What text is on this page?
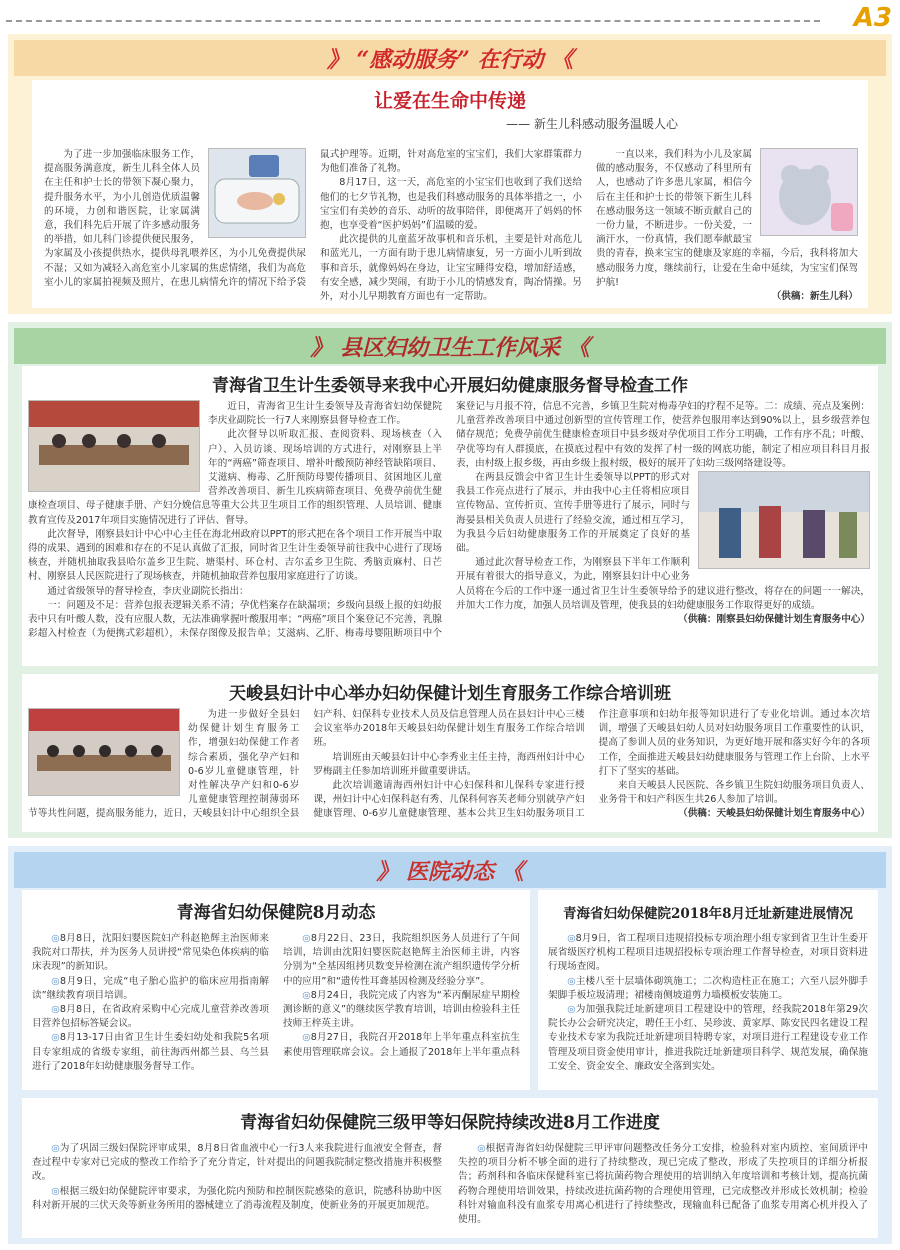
A3
》 “感动服务” 在行动 《
让爱在生命中传递
—— 新生儿科感动服务温暖人心

为了进一步加强临床服务工作，提高服务满意度，新生儿科全体人员在主任和护士长的带领下凝心聚力，提升服务水平，为小儿创造优质温馨的环境，力创和谐医院，让家属满意，我们科先后开展了许多感动服务的举措，如儿科门诊提供便民服务，为家属及小孩提供热水，提供母乳喂养区，为小儿免费提供尿不湿；又如为减轻入高危室小儿家属的焦虑情绪，我们为高危室小儿的家属拍视频及照片，在患儿病情允许的情况下给予袋鼠式护理等。近期，针对高危室的宝宝们，我们大家群策群力为他们准备了礼物。

8月17日，这一天，高危室的小宝宝们也收到了我们送给他们的七夕节礼物，也是我们科感动服务的具体举措之一，小宝宝们有美妙的音乐、动听的故事陪伴，即便离开了妈妈的怀抱，也享受着“医护妈妈”们温暖的爱。

此次提供的儿童蓝牙故事机和音乐机，主要是针对高危儿和蓝光儿，一方面有助于患儿病情康复，另一方面小儿听到故事和音乐，就像妈妈在身边，让宝宝睡得安稳，增加舒适感，有安全感，减少哭闹，有助于小儿的情感发育，陶冶情操。另外，对小儿早期教育方面也有一定帮助。

一直以来，我们科为小儿及家属做的感动服务，不仅感动了科里所有人，也感动了许多患儿家属，相信今后在主任和护士长的带领下新生儿科在感动服务这一领域不断贡献自己的一份力量，不断进步。一份关爱，一滴汗水，一份真情，我们愿奉献最宝贵的青春，换来宝宝的健康及家庭的幸福，今后，我科将加大感动服务力度，继续前行，让爱在生命中延续，为宝宝们保驾护航!

（供稿：新生儿科）
》 县区妇幼卫生工作风采 《
青海省卫生计生委领导来我中心开展妇幼健康服务督导检查工作

近日，青海省卫生计生委领导及青海省妇幼保健院李庆业副院长一行7人来刚察县督导检查工作。

此次督导以听取汇报、查阅资料、现场核查（入户）、入员访谈、现场培训的方式进行，对刚察县上半年的“两癌”筛查项目、增补叶酸预防神经管缺陷项目、艾滋病、梅毒、乙肝预防母婴传播项目、贫困地区儿童营养改善项目、新生儿疾病筛查项目、免费孕前优生健康检查项目、母子健康手册、产妇分娩信息等重大公共卫生项目工作的组织管理、人员培训、健康教育宣传及2017年项目实施情况进行了评估、督导。

此次督导，刚察县妇计中心中心主任在海北州政府以PPT的形式把在各个项目工作开展当中取得的成果、遇到的困难和存在的不足认真做了汇报，同时省卫生计生委领导前往我中心进行了现场核查，并随机抽取我县哈尔盖乡卫生院、塘渠村、环仓村、吉尔孟乡卫生院、秀脑贡麻村、日芒村、刚察县人民医院进行了现场核查，并随机抽取营养包服用家庭进行了访谈。

通过省级领导的督导检查，李庆业副院长指出：

一：问题及不足：营养包报表逻辑关系不清；孕优档案存在缺漏项；乡级向县级上报的妇幼报表中只有叶酸人数，没有应服人数，无法准确掌握叶酸服用率；“两癌”项目个案登记不完善，乳腺彩超入村检查（为便携式彩超机），未保存图像及报告单；艾滋病、乙肝、梅毒母婴阻断项目中个案登记与月报不符，信息不完善，乡镇卫生院对梅毒孕妇的疗程不足等。二：成绩、亮点及案例：儿童营养改善项目中通过创新型的宣传管理工作，使营养包服用率达到90%以上，县乡级营养包储存规范；免费孕前优生健康检查项目中县乡级对孕优项目工作分工明确，工作有序不乱；叶酸、孕优等均有人群摸底，在摸底过程中有效的发挥了村一级的网底功能，制定了相应项目科目月报表，由村级上报乡级，再由乡级上报村级，极好的展开了妇幼三级网络建设等。

在两县反馈会中省卫生计生委领导以PPT的形式对我县工作亮点进行了展示，并由我中心主任将相应项目宣传物品、宣传折页、宣传手册等进行了展示，同时与海晏县相关负责人员进行了经验交流，通过相互学习，为我县今后妇幼健康服务工作的开展奠定了良好的基础。

通过此次督导检查工作，为刚察县下半年工作顺利开展有着很大的指导意义，为此，刚察县妇计中心业务人员将在今后的工作中逐一通过省卫生计生委领导给予的建议进行整改，将存在的问题一一解决，并加大工作力度，加强人员培训及管理，使我县的妇幼健康服务工作取得更好的成绩。

（供稿：刚察县妇幼保健计划生育服务中心）
天峻县妇计中心举办妇幼保健计划生育服务工作综合培训班

为进一步做好全县妇幼保健计划生育服务工作，增强妇幼保健工作者综合素质，强化孕产妇和0-6岁儿童健康管理，针对性解决孕产妇和0-6岁儿童健康管理控制薄弱环节等共性问题，提高服务能力，近日，天峻县妇计中心组织全县妇产科、妇保科专业技术人员及信息管理人员在县妇计中心三楼会议室举办2018年天峻县妇幼保健计划生育服务工作综合培训班。

培训班由天峻县妇计中心李秀业主任主持，海西州妇计中心罗梅副主任参加培训班并做重要讲话。

此次培训邀请海西州妇计中心妇保科和儿保科专家进行授课，州妇计中心妇保科赵有秀、儿保科何容芙老师分别就孕产妇健康管理、0-6岁儿童健康管理、基本公共卫生妇幼服务项目工作注意事项和妇幼年报等知识进行了专业化培训。通过本次培训，增强了天峻县妇幼人员对妇幼服务项目工作重要性的认识，提高了参训人员的业务知识，为更好地开展和落实好今年的各项工作，全面推进天峻县妇幼健康服务与管理工作上台阶、上水平打下了坚实的基础。

来自天峻县人民医院、各乡镇卫生院妇幼服务项目负责人、业务骨干和妇产科医生共26人参加了培训。

（供稿：天峻县妇幼保健计划生育服务中心）
》 医院动态 《
青海省妇幼保健院8月动态

◎8月8日，沈阳妇婴医院妇产科赵艳辉主治医师来我院对口帮扶，并为医务人员讲授“常见染色体疾病的临床表现”的新知识。

◎8月9日，完成“电子胎心监护的临床应用指南解读”继续教育项目培训。

◎8月8日，在省政府采购中心完成儿童营养改善项目营养包招标答疑会议。

◎8月13-17日由省卫生计生委妇幼处和我院5名项目专家组成的省级专家组，前往海西州都兰县、乌兰县进行了2018年妇幼健康服务督导工作。

◎8月22日、23日，我院组织医务人员进行了午间培训，培训由沈阳妇婴医院赵艳辉主治医师主讲，内容分别为“全基因组拷贝数变异检测在流产组织遗传学分析中的应用”和“遗传性耳聋基因检测及经验分享”。

◎8月24日，我院完成了内容为“苯丙酮尿症早期检测诊断的意义”的继续医学教育培训，培训由检验科主任技师王梓英主讲。

◎8月27日，我院召开2018年上半年重点科室抗生素使用管理联席会议。会上通报了2018年上半年重点科

青海省妇幼保健院2018年8月迁址新建进展情况

◎8月9日，省工程项目违规招投标专项治理小组专家到省卫生计生委开展省级医疗机构工程项目违规招投标专项治理工作督导检查，对项目资料进行现场查阅。

◎主楼八至十层墙体砌筑施工；二次构造柱正在施工；六至八层外脚手架脚手板垃圾清理；裙楼南侧坡道剪力墙模板安装施工。

◎为加强我院迁址新建项目工程建设中的管理，经我院2018年第29次院长办公会研究决定，聘任王小红、吴珍波、黄家厚、陈安民四名建设工程专业技术专家为我院迁址新建项目特聘专家，对项目进行工程建设专业工作管理及项目资金使用审计，推进我院迁址新建项目科学、规范发展，确保施工安全、资金安全、廉政安全落到实处。

青海省妇幼保健院三级甲等妇保院持续改进8月工作进度

◎为了巩固三级妇保院评审成果，8月8日省血液中心一行3人来我院进行血液安全督查，督查过程中专家对已完成的整改工作给予了充分肯定，针对提出的问题我院制定整改措施并积极整改。

◎根据三级妇幼保健院评审要求，为强化院内预防和控制医院感染的意识，院感科协助中医科对新开展的三伏天灸等新业务所用的器械建立了消毒流程及制度，使新业务的开展更加规范。

◎根据青海省妇幼保健院三甲评审问题整改任务分工安排，检验科对室内质控、室间质评中失控的项目分析不够全面的进行了持续整改，现已完成了整改，形成了失控项目的详细分析报告；药剂科和各临床保健科室已将抗菌药物合理使用的培训纳入年度培训和考核计划，提高抗菌药物合理使用培训效果，持续改进抗菌药物的合理使用管理，已完成整改并形成长效机制；检验科针对输血科没有血浆专用离心机进行了持续整改，现输血科已配备了血浆专用离心机并投入了使用。
